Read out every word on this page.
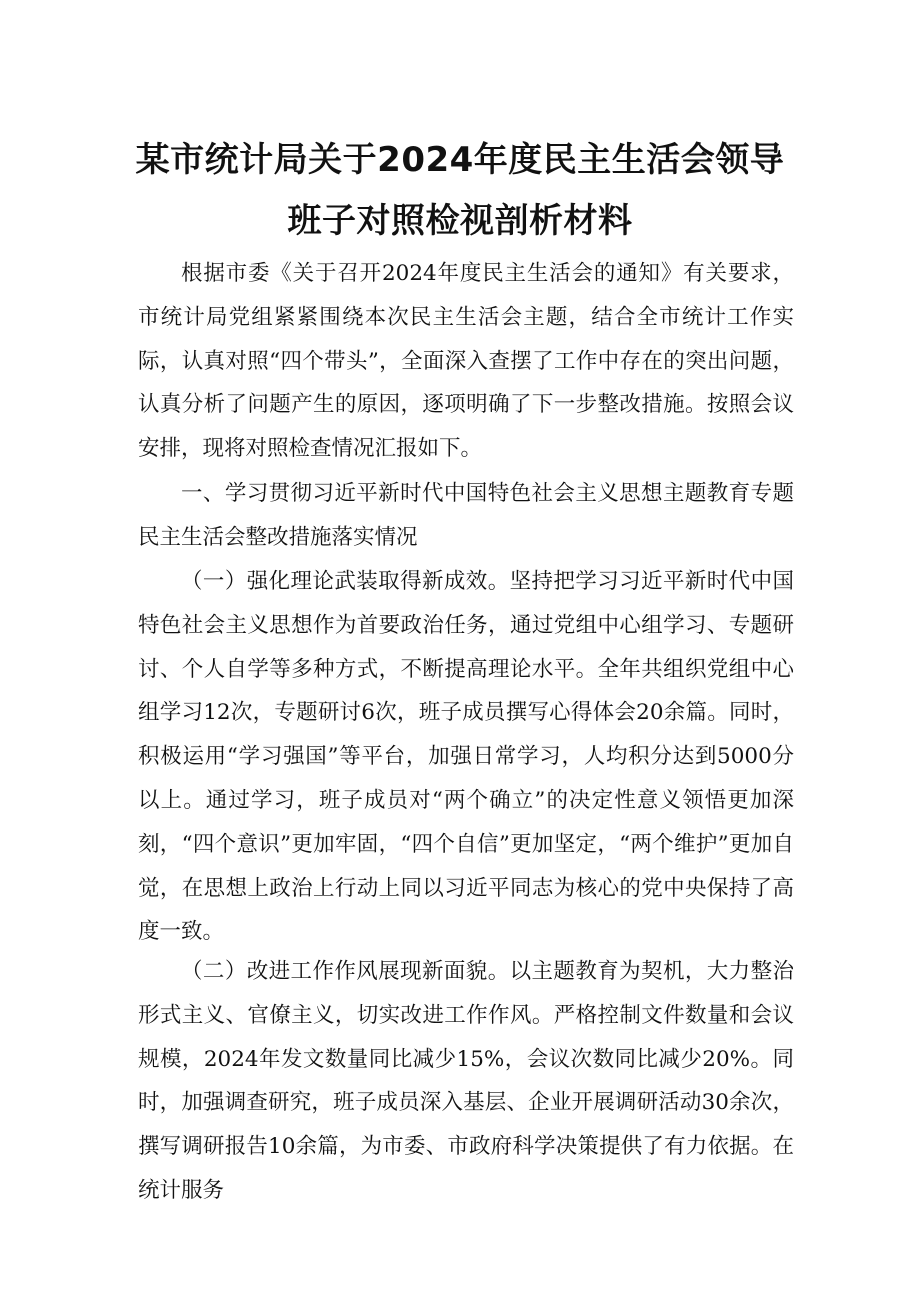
某市统计局关于2024年度民主生活会领导
班子对照检视剖析材料
根据市委《关于召开2024年度民主生活会的通知》有关要求，市统计局党组紧紧围绕本次民主生活会主题，结合全市统计工作实际，认真对照“四个带头”，全面深入查摆了工作中存在的突出问题，认真分析了问题产生的原因，逐项明确了下一步整改措施。按照会议安排，现将对照检查情况汇报如下。
一、学习贯彻习近平新时代中国特色社会主义思想主题教育专题民主生活会整改措施落实情况
（一）强化理论武装取得新成效。坚持把学习习近平新时代中国特色社会主义思想作为首要政治任务，通过党组中心组学习、专题研讨、个人自学等多种方式，不断提高理论水平。全年共组织党组中心组学习12次，专题研讨6次，班子成员撰写心得体会20余篇。同时，积极运用“学习强国”等平台，加强日常学习，人均积分达到5000分以上。通过学习，班子成员对“两个确立”的决定性意义领悟更加深刻，“四个意识”更加牢固，“四个自信”更加坚定，“两个维护”更加自觉，在思想上政治上行动上同以习近平同志为核心的党中央保持了高度一致。
（二）改进工作作风展现新面貌。以主题教育为契机，大力整治形式主义、官僚主义，切实改进工作作风。严格控制文件数量和会议规模，2024年发文数量同比减少15%，会议次数同比减少20%。同时，加强调查研究，班子成员深入基层、企业开展调研活动30余次，撰写调研报告10余篇，为市委、市政府科学决策提供了有力依据。在统计服务
